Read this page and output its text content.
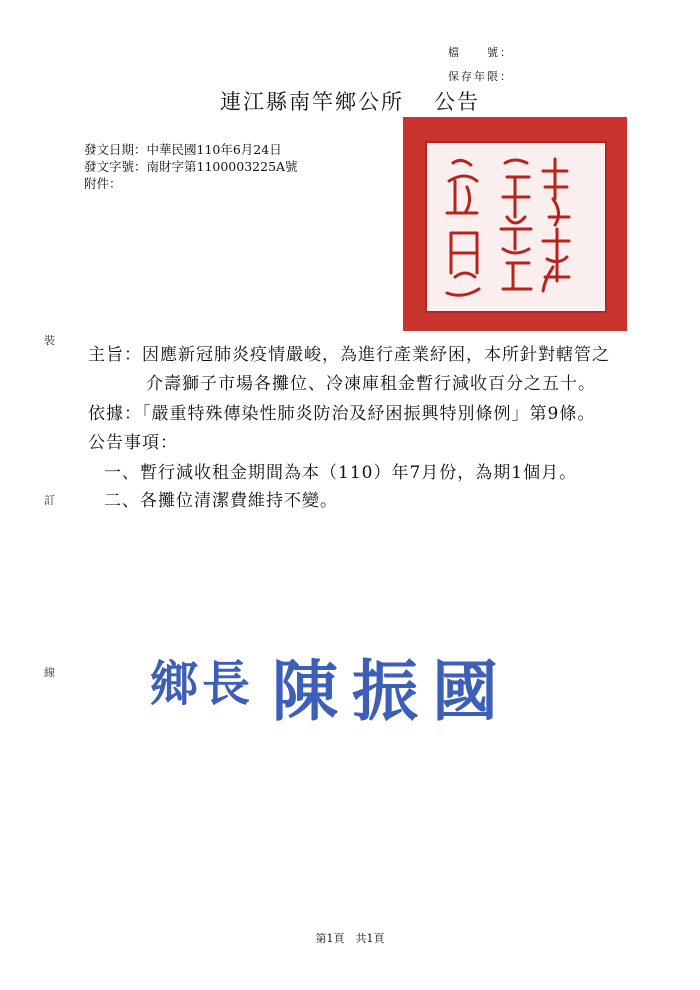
檔　　號：
保存年限：
連江縣南竿鄉公所 公告
發文日期：中華民國110年6月24日
發文字號：南財字第1100003225A號
附件：
裝
訂
線
主旨：因應新冠肺炎疫情嚴峻，為進行產業紓困，本所針對轄管之
介壽獅子市場各攤位、冷凍庫租金暫行減收百分之五十。
依據：「嚴重特殊傳染性肺炎防治及紓困振興特別條例」第9條。
公告事項：
一、暫行減收租金期間為本（110）年7月份，為期1個月。
二、各攤位清潔費維持不變。
鄉長 陳 振 國
第1頁　共1頁
